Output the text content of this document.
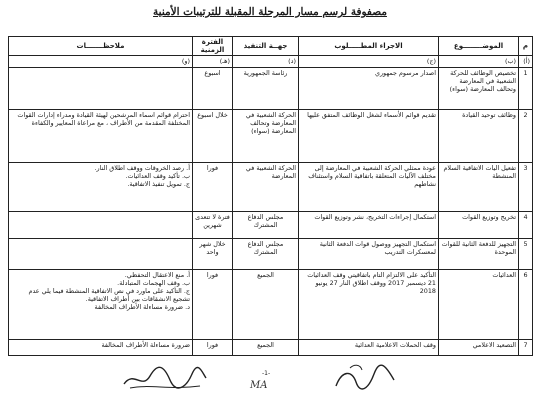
مصفوفة لرسم مسار المرحلة المقبلة للترتيبات الأمنية
م	الموضــــــــوع	الاجراء المطـــــلوب	جهــة التنفيذ	الفترة الزمنية	ملاحظـــــــات
(أ)	(ب)	(ج)	(د)	(هـ)	(و)
1	تخصيص الوظائف للحركة الشعبية في المعارضة وتحالف المعارضة (سواء)	اصدار مرسوم جمهوري	رئاسة الجمهورية	اسبوع	
2	وظائف توحيد القيادة	تقديم قوائم الأسماء لشغل الوظائف المتفق عليها	الحركة الشعبية في المعارضة وتحالف المعارضة (سواء)	خلال اسبوع	احترام قوائم اسماء المرشحين لهيئة القيادة ومدراء إدارات القوات المختلفة المقدمة من الأطراف ، مع مراعاة المعايير والكفاءة
3	تفعيل اليات الاتفاقية السلام المنشطة	عودة ممثلي الحركة الشعبية في المعارضة إلى مختلف الآليات المتعلقة باتفاقية السلام واستئناف نشاطهم	الحركة الشعبية في المعارضة	فورا	أ. رصد الخروقات ووقف اطلاق النار.
ب. تأكيد وقف العدائيات.
ج. تمويل تنفيذ الاتفاقية.
4	تخريج وتوزيع القوات	استكمال إجراءات التخريج، نشر وتوزيع القوات	مجلس الدفاع المشترك	فترة لا تتعدى شهرين	
5	التجهيز للدفعة الثانية للقوات الموحدة	استكمال التجهيز ووصول قوات الدفعة الثانية لمعسكرات التدريب	مجلس الدفاع المشترك	خلال شهر واحد	
6	العدائيات	التأكيد على الالتزام التام باتفاقيتي وقف العدائيات 21 ديسمبر 2017 ووقف اطلاق النار 27 يونيو 2018	الجميع	فورا	أ. منع الاعتقال التحفظي.
ب. وقف الهجمات المتبادلة.
ج. التأكيد على ماورد في نص الاتفاقية المنشطة فيما يلي عدم تشجيع الانشقاقات بين أطراف الاتفاقية.
د. ضرورة مساءلة الأطراف المخالفة
7	التصعيد الاعلامي	وقف الحملات الاعلامية العدائية	الجميع	فورا	ضرورة مساءلة الأطراف المخالفة
-1-
MA
